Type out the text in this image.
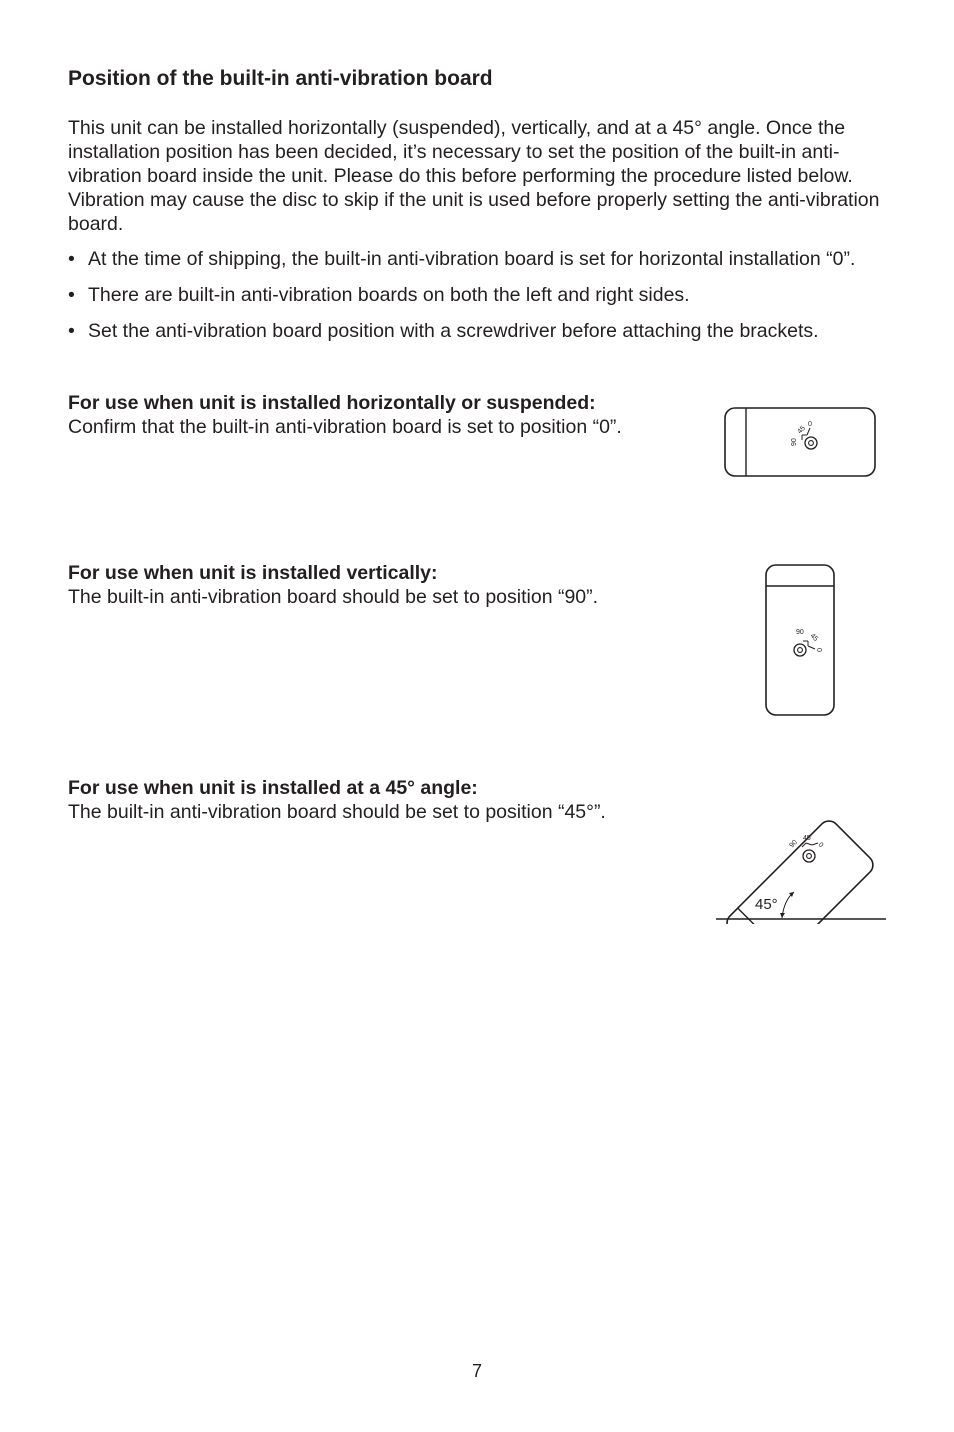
Position of the built-in anti-vibration board

This unit can be installed horizontally (suspended), vertically, and at a 45° angle. Once the installation position has been decided, it’s necessary to set the position of the built-in anti-vibration board inside the unit. Please do this before performing the procedure listed below. Vibration may cause the disc to skip if the unit is used before properly setting the anti-vibration board.

• At the time of shipping, the built-in anti-vibration board is set for horizontal installation “0”.
• There are built-in anti-vibration boards on both the left and right sides.
• Set the anti-vibration board position with a screwdriver before attaching the brackets.
For use when unit is installed horizontally or suspended:
Confirm that the built-in anti-vibration board is set to position “0”.
90
45
0
For use when unit is installed vertically:
The built-in anti-vibration board should be set to position “90”.
90 45
0
For use when unit is installed at a 45° angle:
The built-in anti-vibration board should be set to position “45°”.
90
45
0
45°
7
